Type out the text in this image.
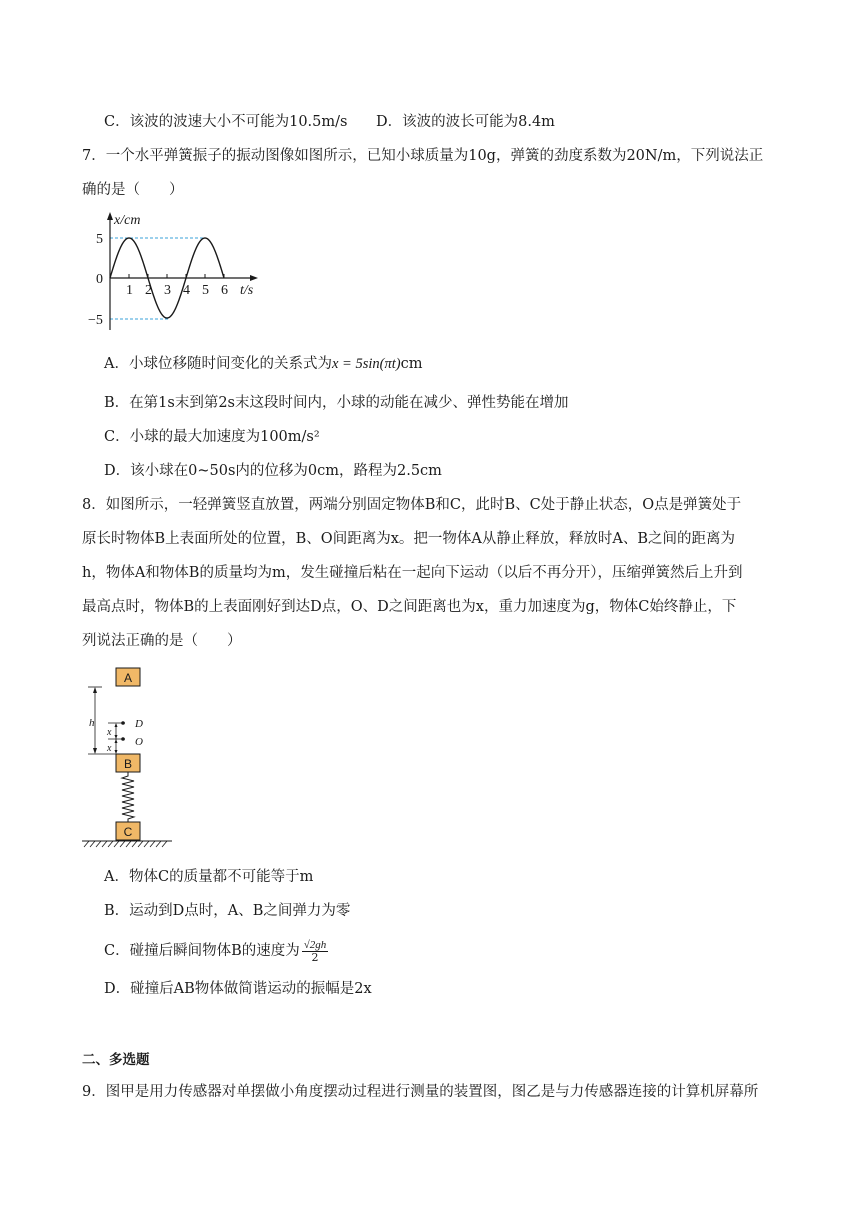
C．该波的波速大小不可能为10.5m/s D．该波的波长可能为8.4m
7．一个水平弹簧振子的振动图像如图所示，已知小球质量为10g，弹簧的劲度系数为20N/m，下列说法正
确的是（　　）
x/cm
5
0
−5
1 2 3 4 5 6 t/s
A．小球位移随时间变化的关系式为x = 5sin(πt)cm
B．在第1s末到第2s末这段时间内，小球的动能在减少、弹性势能在增加
C．小球的最大加速度为100m/s²
D．该小球在0~50s内的位移为0cm，路程为2.5cm
8．如图所示，一轻弹簧竖直放置，两端分别固定物体B和C，此时B、C处于静止状态，O点是弹簧处于
原长时物体B上表面所处的位置，B、O间距离为x。把一物体A从静止释放，释放时A、B之间的距离为
h，物体A和物体B的质量均为m，发生碰撞后粘在一起向下运动（以后不再分开），压缩弹簧然后上升到
最高点时，物体B的上表面刚好到达D点，O、D之间距离也为x，重力加速度为g，物体C始终静止，下
列说法正确的是（　　）
A
h
x
x
D
O
B
C
A．物体C的质量都不可能等于m
B．运动到D点时，A、B之间弹力为零
C．碰撞后瞬间物体B的速度为 $\frac{√2gh}{2}$
D．碰撞后AB物体做简谐运动的振幅是2x
二、多选题
9．图甲是用力传感器对单摆做小角度摆动过程进行测量的装置图，图乙是与力传感器连接的计算机屏幕所
